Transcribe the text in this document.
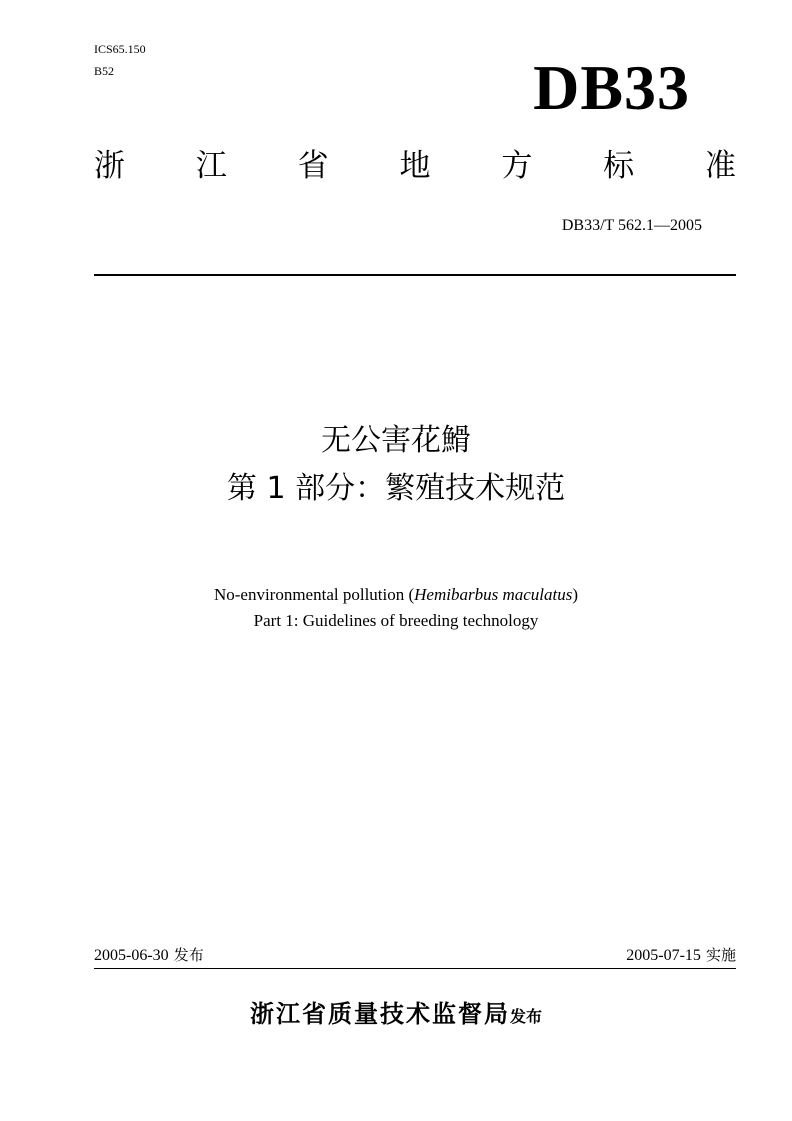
ICS65.150
B52	DB33
浙 江 省 地 方 标 准
DB33/T 562.1—2005
无公害花䱻
第 1 部分：繁殖技术规范
No-environmental pollution (Hemibarbus maculatus)
Part 1: Guidelines of breeding technology
2005-06-30 发布	2005-07-15 实施
浙江省质量技术监督局发布
